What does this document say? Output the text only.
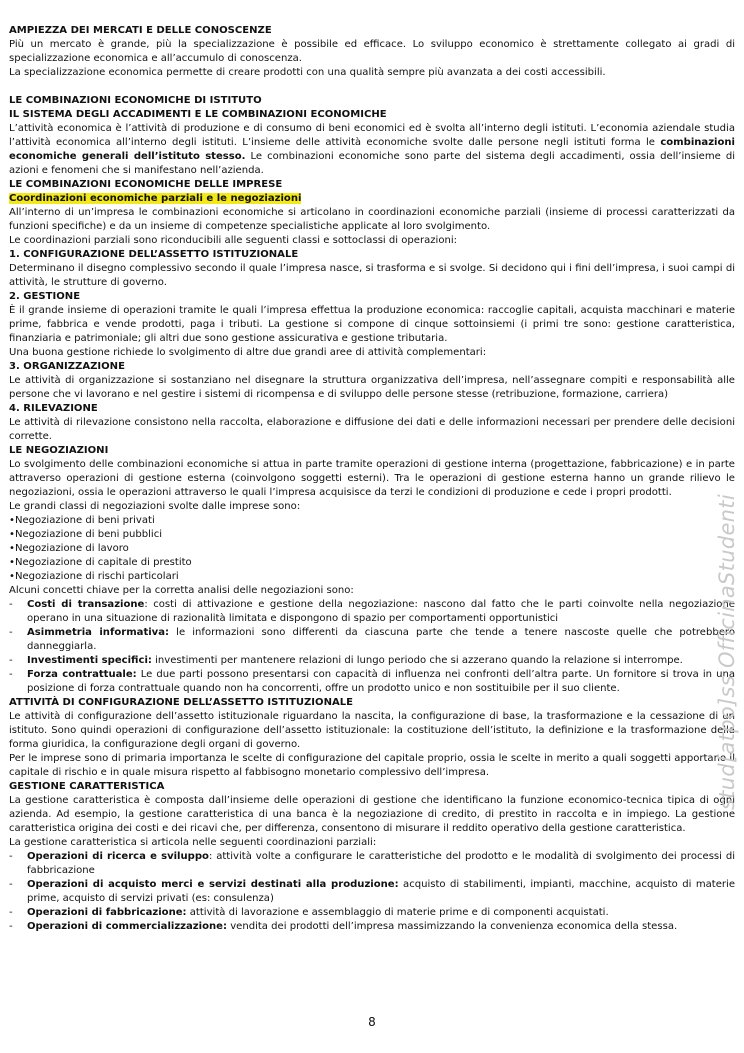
AMPIEZZA DEI MERCATI E DELLE CONOSCENZE

Più un mercato è grande, più la specializzazione è possibile ed efficace. Lo sviluppo economico è strettamente collegato ai gradi di specializzazione economica e all’accumulo di conoscenza.

La specializzazione economica permette di creare prodotti con una qualità sempre più avanzata a dei costi accessibili.

LE COMBINAZIONI ECONOMICHE DI ISTITUTO
IL SISTEMA DEGLI ACCADIMENTI E LE COMBINAZIONI ECONOMICHE

L’attività economica è l’attività di produzione e di consumo di beni economici ed è svolta all’interno degli istituti. L’economia aziendale studia l’attività economica all’interno degli istituti. L’insieme delle attività economiche svolte dalle persone negli istituti forma le combinazioni economiche generali dell’istituto stesso. Le combinazioni economiche sono parte del sistema degli accadimenti, ossia dell’insieme di azioni e fenomeni che si manifestano nell’azienda.

LE COMBINAZIONI ECONOMICHE DELLE IMPRESE
Coordinazioni economiche parziali e le negoziazioni

All’interno di un’impresa le combinazioni economiche si articolano in coordinazioni economiche parziali (insieme di processi caratterizzati da funzioni specifiche) e da un insieme di competenze specialistiche applicate al loro svolgimento.

Le coordinazioni parziali sono riconducibili alle seguenti classi e sottoclassi di operazioni:

1. CONFIGURAZIONE DELL’ASSETTO ISTITUZIONALE

Determinano il disegno complessivo secondo il quale l’impresa nasce, si trasforma e si svolge. Si decidono qui i fini dell’impresa, i suoi campi di attività, le strutture di governo.

2. GESTIONE

È il grande insieme di operazioni tramite le quali l’impresa effettua la produzione economica: raccoglie capitali, acquista macchinari e materie prime, fabbrica e vende prodotti, paga i tributi. La gestione si compone di cinque sottoinsiemi (i primi tre sono: gestione caratteristica, finanziaria e patrimoniale; gli altri due sono gestione assicurativa e gestione tributaria.

Una buona gestione richiede lo svolgimento di altre due grandi aree di attività complementari:

3. ORGANIZZAZIONE

Le attività di organizzazione si sostanziano nel disegnare la struttura organizzativa dell’impresa, nell’assegnare compiti e responsabilità alle persone che vi lavorano e nel gestire i sistemi di ricompensa e di sviluppo delle persone stesse (retribuzione, formazione, carriera)

4. RILEVAZIONE

Le attività di rilevazione consistono nella raccolta, elaborazione e diffusione dei dati e delle informazioni necessari per prendere delle decisioni corrette.

LE NEGOZIAZIONI

Lo svolgimento delle combinazioni economiche si attua in parte tramite operazioni di gestione interna (progettazione, fabbricazione) e in parte attraverso operazioni di gestione esterna (coinvolgono soggetti esterni). Tra le operazioni di gestione esterna hanno un grande rilievo le negoziazioni, ossia le operazioni attraverso le quali l’impresa acquisisce da terzi le condizioni di produzione e cede i propri prodotti.

Le grandi classi di negoziazioni svolte dalle imprese sono:

• Negoziazione di beni privati
• Negoziazione di beni pubblici
• Negoziazione di lavoro
• Negoziazione di capitale di prestito
• Negoziazione di rischi particolari

Alcuni concetti chiave per la corretta analisi delle negoziazioni sono:

- Costi di transazione: costi di attivazione e gestione della negoziazione: nascono dal fatto che le parti coinvolte nella negoziazione operano in una situazione di razionalità limitata e dispongono di spazio per comportamenti opportunistici
- Asimmetria informativa: le informazioni sono differenti da ciascuna parte che tende a tenere nascoste quelle che potrebbero danneggiarla.
- Investimenti specifici: investimenti per mantenere relazioni di lungo periodo che si azzerano quando la relazione si interrompe.
- Forza contrattuale: Le due parti possono presentarsi con capacità di influenza nei confronti dell’altra parte. Un fornitore si trova in una posizione di forza contrattuale quando non ha concorrenti, offre un prodotto unico e non sostituibile per il suo cliente.
ATTIVITÀ DI CONFIGURAZIONE DELL’ASSETTO ISTITUZIONALE

Le attività di configurazione dell’assetto istituzionale riguardano la nascita, la configurazione di base, la trasformazione e la cessazione di un istituto. Sono quindi operazioni di configurazione dell’assetto istituzionale: la costituzione dell’istituto, la definizione e la trasformazione della forma giuridica, la configurazione degli organi di governo.

Per le imprese sono di primaria importanza le scelte di configurazione del capitale proprio, ossia le scelte in merito a quali soggetti apportano il capitale di rischio e in quale misura rispetto al fabbisogno monetario complessivo dell’impresa.

GESTIONE CARATTERISTICA

La gestione caratteristica è composta dall’insieme delle operazioni di gestione che identificano la funzione economico-tecnica tipica di ogni azienda. Ad esempio, la gestione caratteristica di una banca è la negoziazione di credito, di prestito in raccolta e in impiego. La gestione caratteristica origina dei costi e dei ricavi che, per differenza, consentono di misurare il reddito operativo della gestione caratteristica.

La gestione caratteristica si articola nelle seguenti coordinazioni parziali:

- Operazioni di ricerca e sviluppo: attività volte a configurare le caratteristiche del prodotto e le modalità di svolgimento dei processi di fabbricazione
- Operazioni di acquisto merci e servizi destinati alla produzione: acquisto di stabilimenti, impianti, macchine, acquisto di materie prime, acquisto di servizi privati (es: consulenza)
- Operazioni di fabbricazione: attività di lavorazione e assemblaggio di materie prime e di componenti acquistati.
- Operazioni di commercializzazione: vendita dei prodotti dell’impresa massimizzando la convenienza economica della stessa.
stud[atpo]ss OfficinaStudenti
8
